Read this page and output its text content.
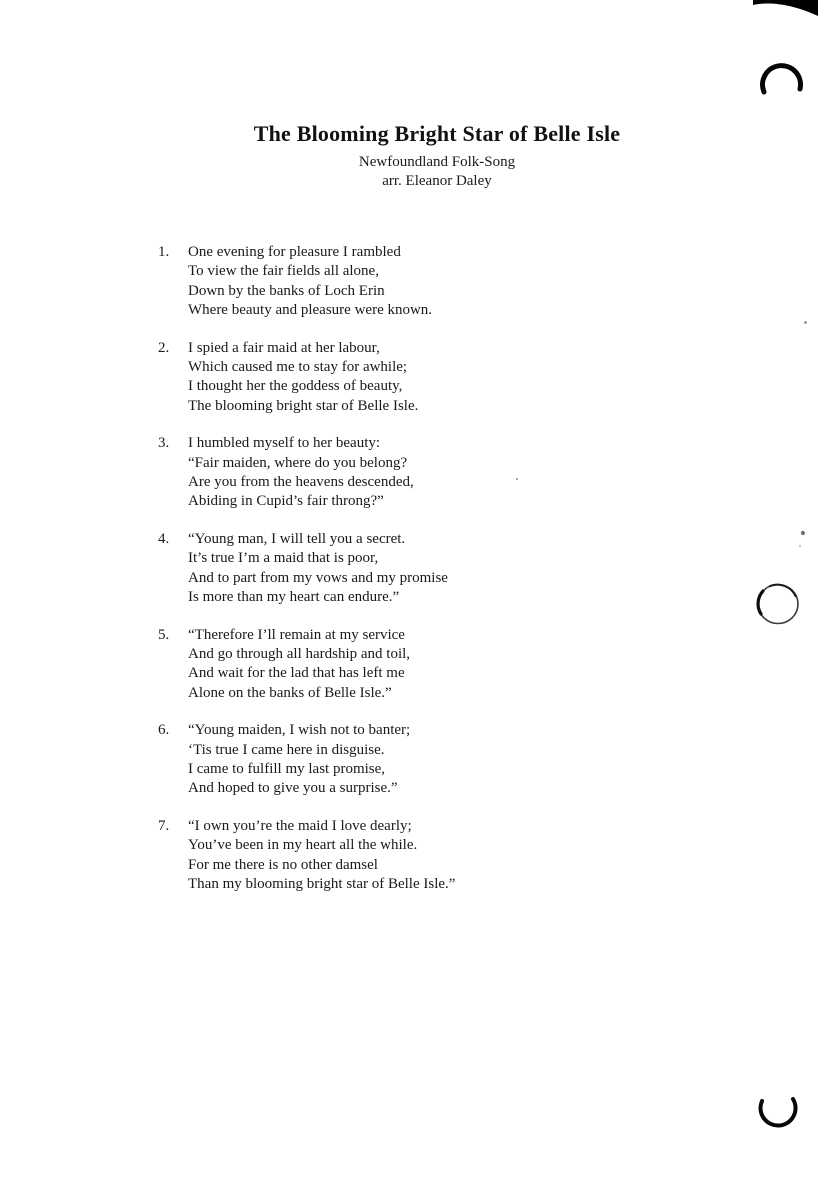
The Blooming Bright Star of Belle Isle
Newfoundland Folk-Song
arr. Eleanor Daley
1.	One evening for pleasure I rambled
To view the fair fields all alone,
Down by the banks of Loch Erin
Where beauty and pleasure were known.
2.	I spied a fair maid at her labour,
Which caused me to stay for awhile;
I thought her the goddess of beauty,
The blooming bright star of Belle Isle.
3.	I humbled myself to her beauty:
“Fair maiden, where do you belong?
Are you from the heavens descended,
Abiding in Cupid’s fair throng?”
4.	“Young man, I will tell you a secret.
It’s true I’m a maid that is poor,
And to part from my vows and my promise
Is more than my heart can endure.”
5.	“Therefore I’ll remain at my service
And go through all hardship and toil,
And wait for the lad that has left me
Alone on the banks of Belle Isle.”
6.	“Young maiden, I wish not to banter;
‘Tis true I came here in disguise.
I came to fulfill my last promise,
And hoped to give you a surprise.”
7.	“I own you’re the maid I love dearly;
You’ve been in my heart all the while.
For me there is no other damsel
Than my blooming bright star of Belle Isle.”
